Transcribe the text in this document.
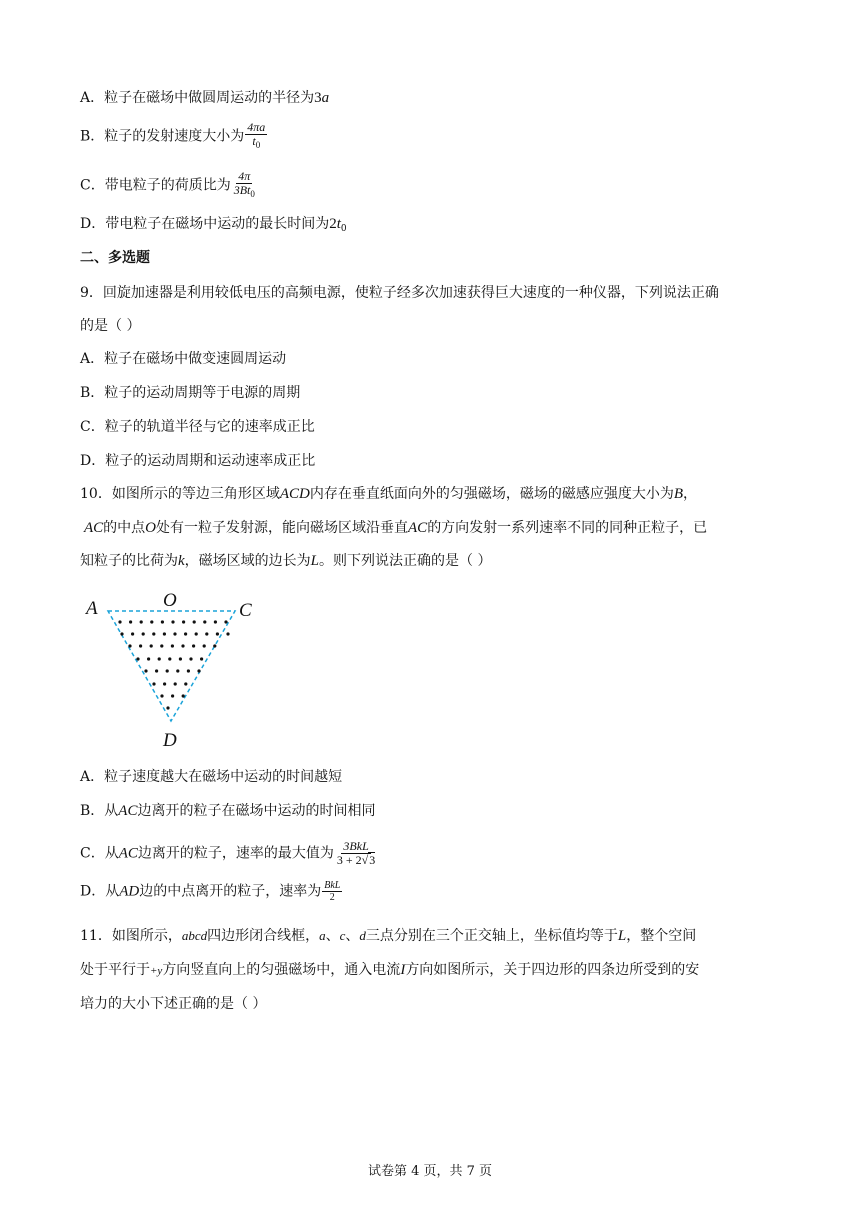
A．粒子在磁场中做圆周运动的半径为3a
B．粒子的发射速度大小为 $\frac{4\pi a}{t_0}$
C．带电粒子的荷质比为 $\frac{4\pi}{3Bt_0}$
D．带电粒子在磁场中运动的最长时间为$2t_0$
二、多选题
9．回旋加速器是利用较低电压的高频电源，使粒子经多次加速获得巨大速度的一种仪器，下列说法正确
的是（ ）
A．粒子在磁场中做变速圆周运动
B．粒子的运动周期等于电源的周期
C．粒子的轨道半径与它的速率成正比
D．粒子的运动周期和运动速率成正比
10．如图所示的等边三角形区域ACD内存在垂直纸面向外的匀强磁场，磁场的磁感应强度大小为B，
AC的中点O处有一粒子发射源，能向磁场区域沿垂直AC的方向发射一系列速率不同的同种正粒子，已
知粒子的比荷为k，磁场区域的边长为L。则下列说法正确的是（ ）
A	O	C
D
A．粒子速度越大在磁场中运动的时间越短
B．从AC边离开的粒子在磁场中运动的时间相同
C．从AC边离开的粒子，速率的最大值为 $\frac{\text{3BkL}}{3 + 2√3}$
D．从AD边的中点离开的粒子，速率为 $\frac{\text{BkL}}{2}$
11．如图所示，abcd四边形闭合线框，a、c、d三点分别在三个正交轴上，坐标值均等于L，整个空间
处于平行于+y方向竖直向上的匀强磁场中，通入电流I方向如图所示，关于四边形的四条边所受到的安
培力的大小下述正确的是（ ）
试卷第 4 页，共 7 页
